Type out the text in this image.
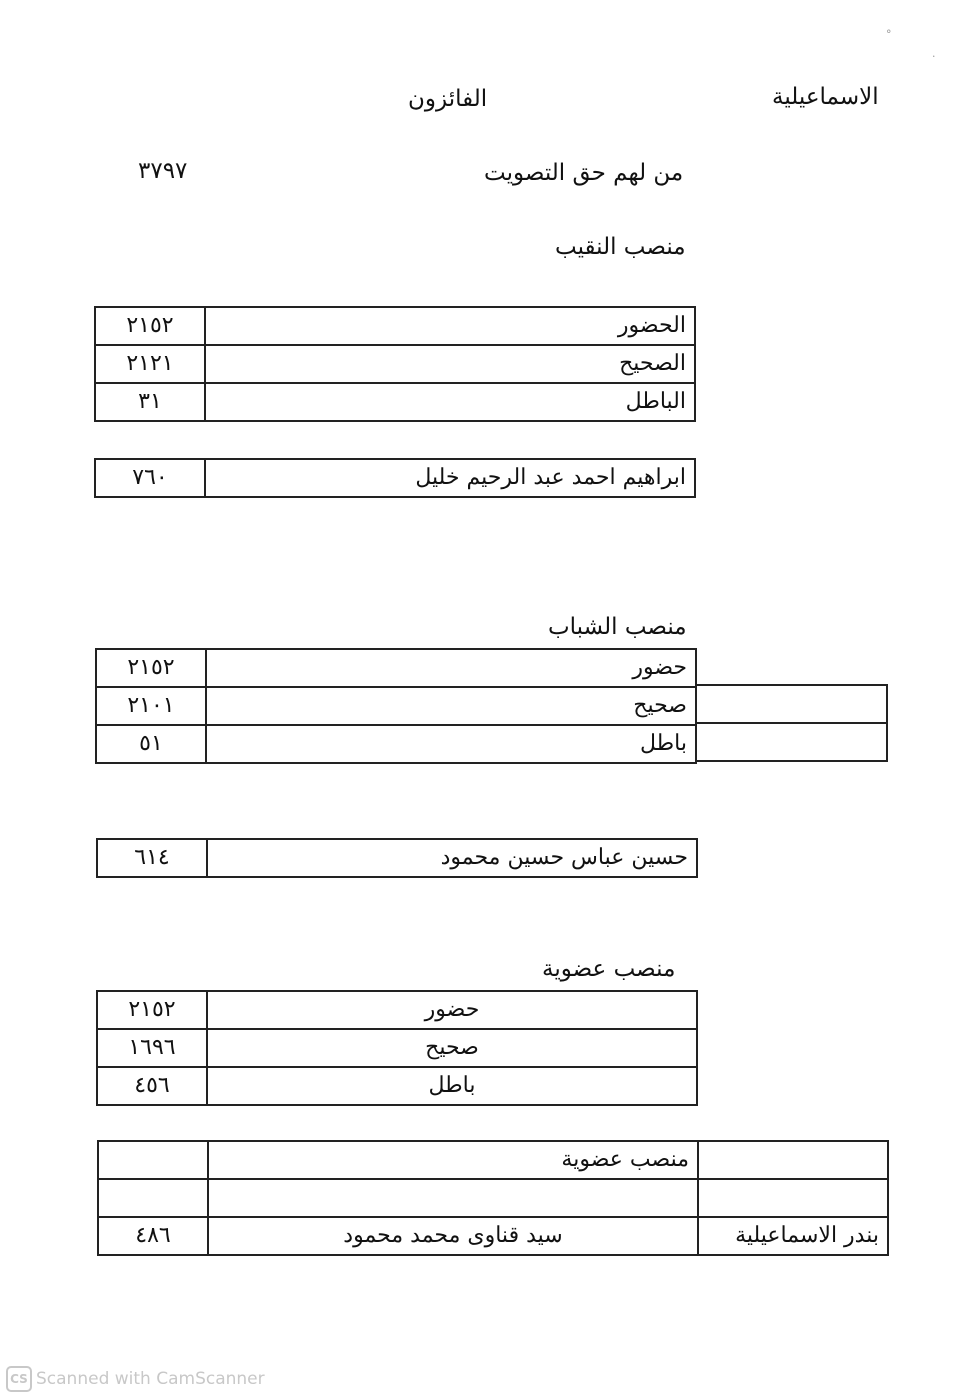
°
·
الاسماعيلية
الفائزون
من لهم حق التصويت
٣٧٩٧
منصب النقيب
الحضور	٢١٥٢
الصحيح	٢١٢١
الباطل	٣١
ابراهيم احمد عبد الرحيم خليل	٧٦٠
منصب الشباب
حضور	٢١٥٢
صحيح	٢١٠١
باطل	٥١
حسين عباس حسين محمود	٦١٤
منصب عضوية
حضور	٢١٥٢
صحيح	١٦٩٦
باطل	٤٥٦
	منصب عضوية	

بندر الاسماعيلية	سيد قناوى محمد محمود	٤٨٦
CS Scanned with CamScanner
